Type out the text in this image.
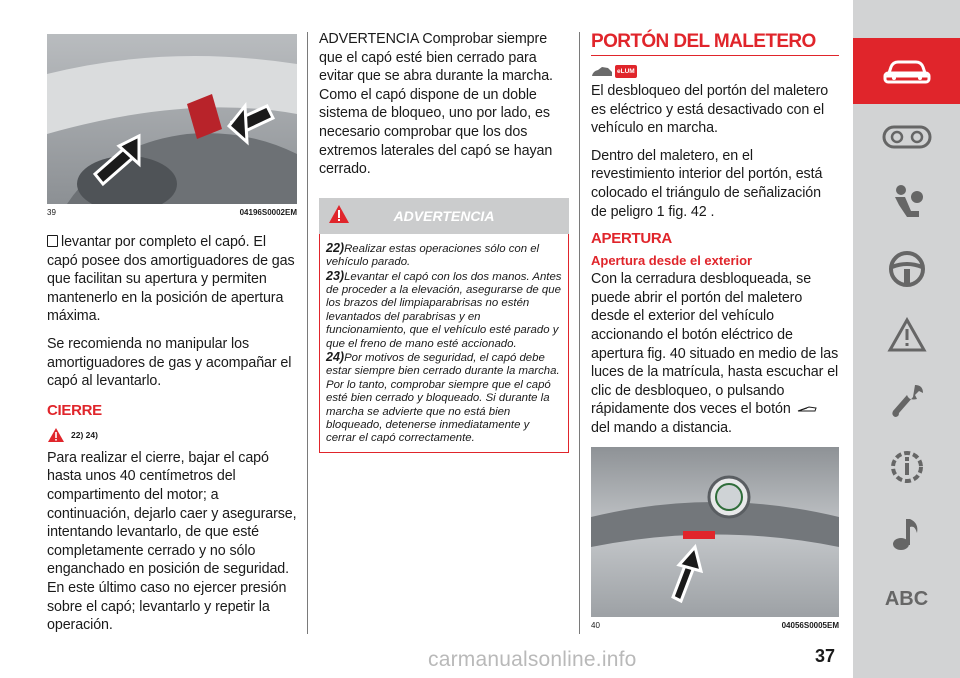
39	04196S0002EM

levantar por completo el capó. El capó posee dos amortiguadores de gas que facilitan su apertura y permiten mantenerlo en la posición de apertura máxima.

Se recomienda no manipular los amortiguadores de gas y acompañar el capó al levantarlo.

CIERRE
22) 24)

Para realizar el cierre, bajar el capó hasta unos 40 centímetros del compartimento del motor; a continuación, dejarlo caer y asegurarse, intentando levantarlo, de que esté completamente cerrado y no sólo enganchado en posición de seguridad. En este último caso no ejercer presión sobre el capó; levantarlo y repetir la operación.

ADVERTENCIA Comprobar siempre que el capó esté bien cerrado para evitar que se abra durante la marcha. Como el capó dispone de un doble sistema de bloqueo, uno por lado, es necesario comprobar que los dos extremos laterales del capó se hayan cerrado.

ADVERTENCIA
22)Realizar estas operaciones sólo con el vehículo parado.
23)Levantar el capó con los dos manos. Antes de proceder a la elevación, asegurarse de que los brazos del limpiaparabrisas no estén levantados del parabrisas y en funcionamiento, que el vehículo esté parado y que el freno de mano esté accionado.
24)Por motivos de seguridad, el capó debe estar siempre bien cerrado durante la marcha. Por lo tanto, comprobar siempre que el capó esté bien cerrado y bloqueado. Si durante la marcha se advierte que no está bien bloqueado, detenerse inmediatamente y cerrar el capó correctamente.
PORTÓN DEL MALETERO
eLUM

El desbloqueo del portón del maletero es eléctrico y está desactivado con el vehículo en marcha.

Dentro del maletero, en el revestimiento interior del portón, está colocado el triángulo de señalización de peligro 1 fig. 42 .

APERTURA
Apertura desde el exterior

Con la cerradura desbloqueada, se puede abrir el portón del maletero desde el exterior del vehículo accionando el botón eléctrico de apertura fig. 40 situado en medio de las luces de la matrícula, hasta escuchar el clic de desbloqueo, o pulsando rápidamente dos veces el botón  del mando a distancia.

40	04056S0005EM
ABC
37
carmanualsonline.info
